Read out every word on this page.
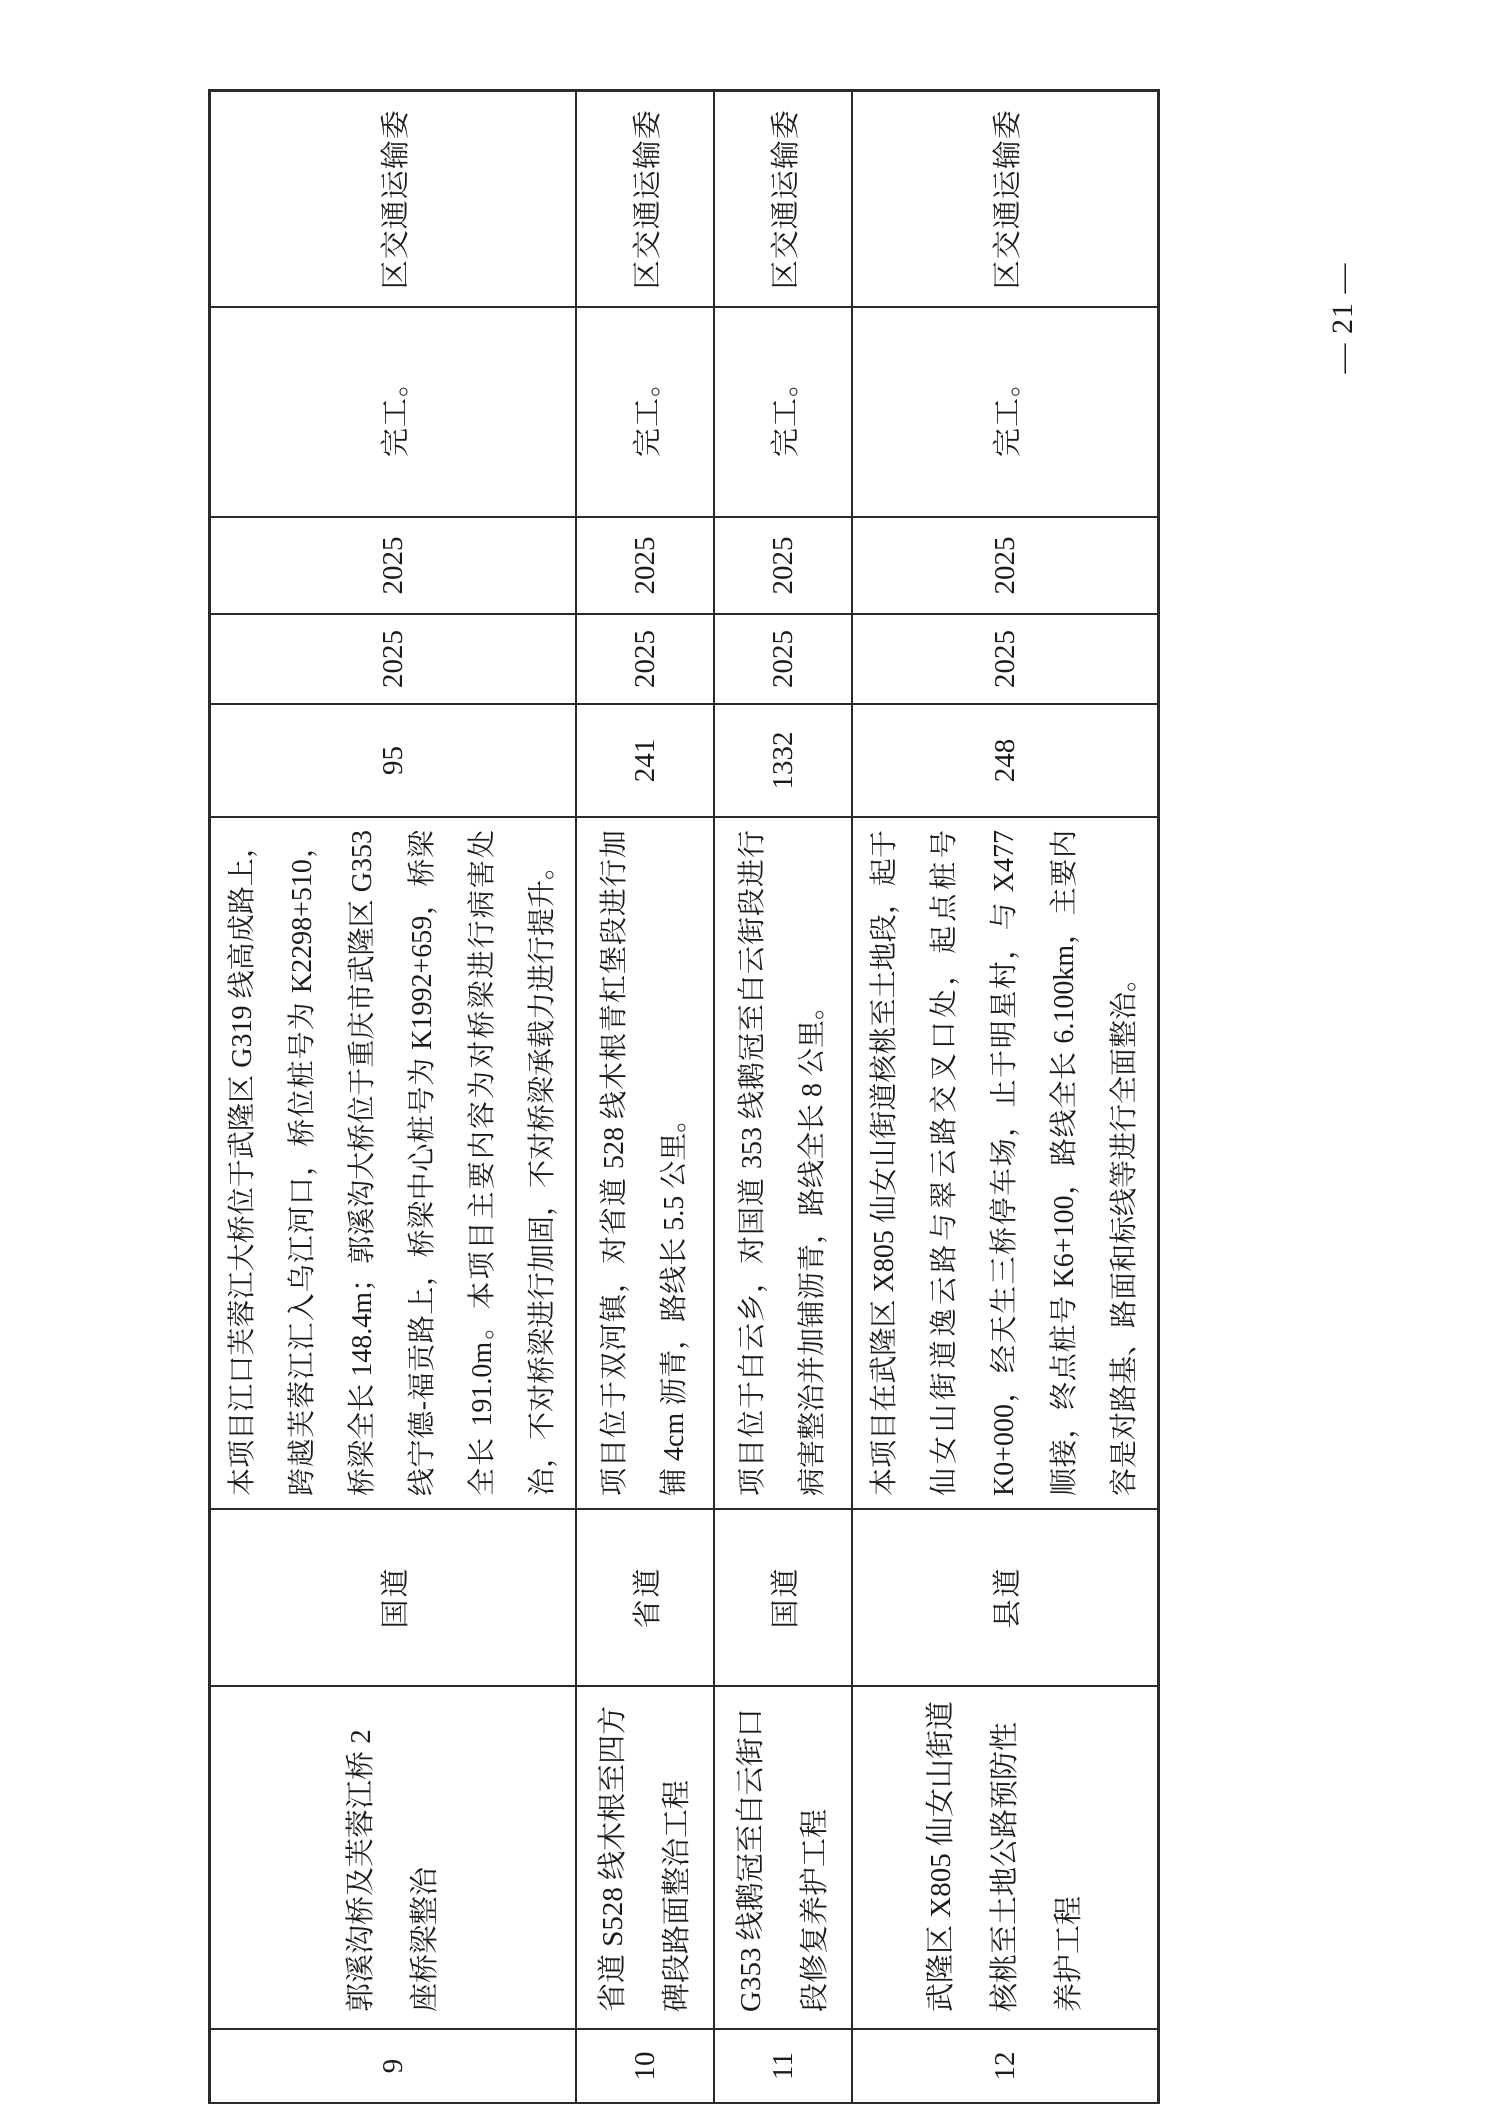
9	郭溪沟桥及芙蓉江桥 2 座桥梁整治	国道	本项目江口芙蓉江大桥位于武隆区 G319 线高成路上，跨越芙蓉江汇入乌江河口，桥位桩号为 K2298+510，桥梁全长 148.4m；郭溪沟大桥位于重庆市武隆区 G353 线宁德-福贡路上，桥梁中心桩号为 K1992+659，桥梁全长 191.0m。本项目主要内容为对桥梁进行病害处治，不对桥梁进行加固，不对桥梁承载力进行提升。	95	2025	2025	完工。	区交通运输委
10	省道 S528 线木根至四方碑段路面整治工程	省道	项目位于双河镇，对省道 528 线木根青杠堡段进行加铺 4cm 沥青，路线长 5.5 公里。	241	2025	2025	完工。	区交通运输委
11	G353 线鹅冠至白云街口段修复养护工程	国道	项目位于白云乡，对国道 353 线鹅冠至白云街段进行病害整治并加铺沥青，路线全长 8 公里。	1332	2025	2025	完工。	区交通运输委
12	武隆区 X805 仙女山街道核桃至土地公路预防性养护工程	县道	本项目在武隆区 X805 仙女山街道核桃至土地段，起于仙女山街道逸云路与翠云路交叉口处，起点桩号 K0+000，经天生三桥停车场，止于明星村，与 X477 顺接，终点桩号 K6+100，路线全长 6.100km，主要内容是对路基、路面和标线等进行全面整治。	248	2025	2025	完工。	区交通运输委
— 21 —
